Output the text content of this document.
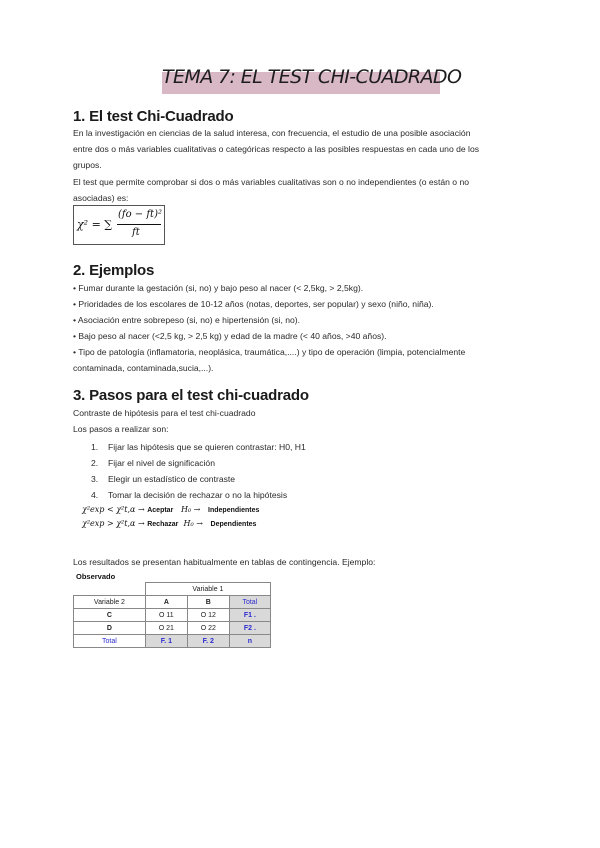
TEMA 7: EL TEST CHI-CUADRADO
1. El test Chi-Cuadrado
En la investigación en ciencias de la salud interesa, con frecuencia, el estudio de una posible asociación
entre dos o más variables cualitativas o categóricas respecto a las posibles respuestas en cada uno de los
grupos.
El test que permite comprobar si dos o más variables cualitativas son o no independientes (o están o no
asociadas) es:
χ² = ∑
(fo − ft)²
ft
2. Ejemplos
• Fumar durante la gestación (si, no) y bajo peso al nacer (< 2,5kg, > 2,5kg).
• Prioridades de los escolares de 10-12 años (notas, deportes, ser popular) y sexo (niño, niña).
• Asociación entre sobrepeso (si, no) e hipertensión (si, no).
• Bajo peso al nacer (<2,5 kg, > 2,5 kg) y edad de la madre (< 40 años, >40 años).
• Tipo de patología (inflamatoria, neoplásica, traumática,....) y tipo de operación (limpia, potencialmente
contaminada, contaminada,sucia,...).
3. Pasos para el test chi-cuadrado
Contraste de hipótesis para el test chi-cuadrado
Los pasos a realizar son:
1. Fijar las hipótesis que se quieren contrastar: H0, H1
2. Fijar el nivel de significación
3. Elegir un estadístico de contraste
4. Tomar la decisión de rechazar o no la hipótesis
χ²exp < χ²t,α → Aceptar H₀ → Independientes
χ²exp > χ²t,α → Rechazar H₀ → Dependientes
Los resultados se presentan habitualmente en tablas de contingencia. Ejemplo:
Observado
	Variable 1		
Variable 2	A	B	Total
C	O 11	O 12	F1 .
D	O 21	O 22	F2 .
Total	F. 1	F. 2	n
